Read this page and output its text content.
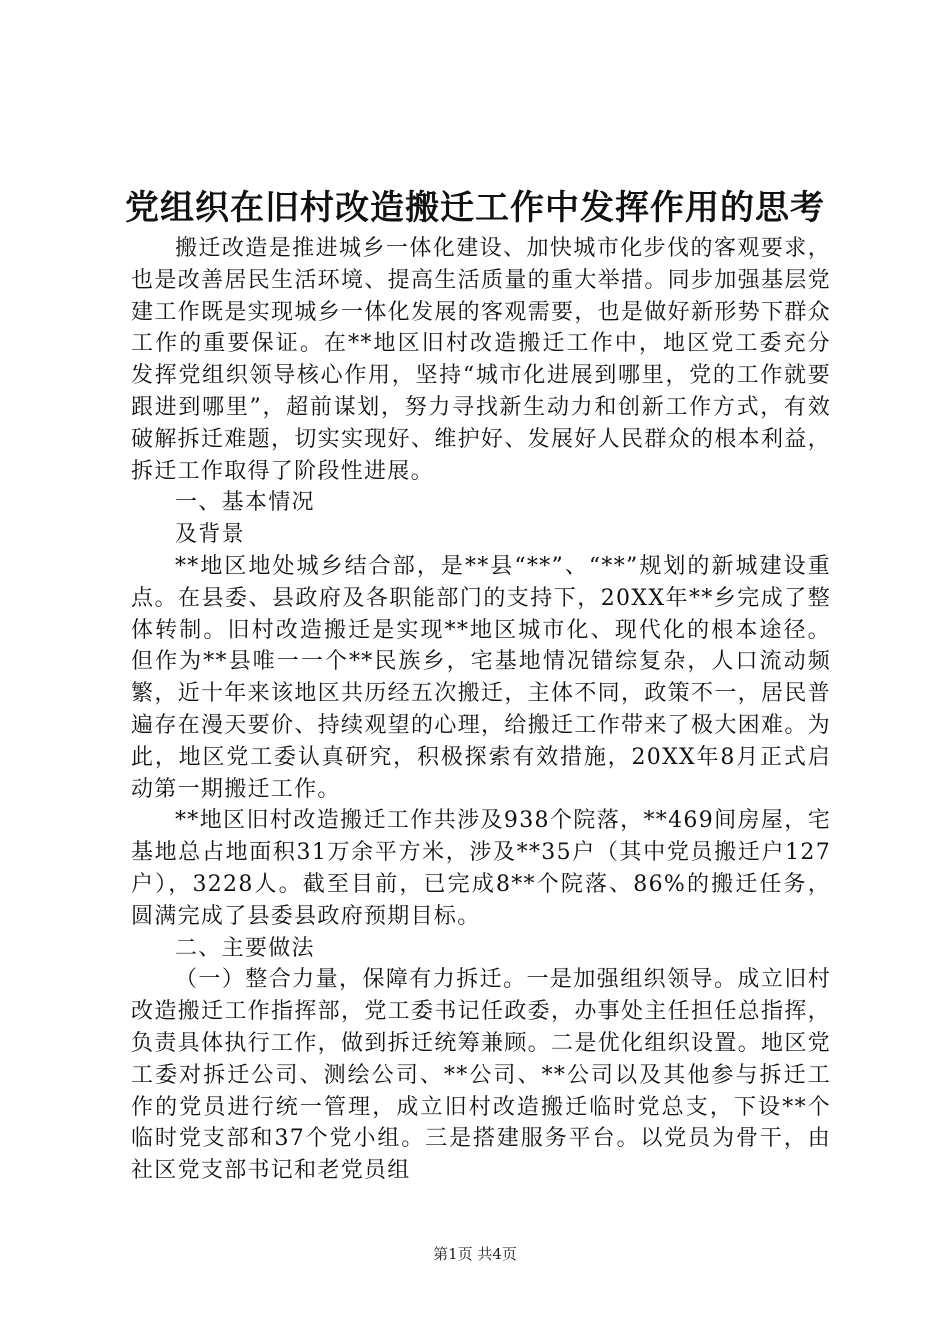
党组织在旧村改造搬迁工作中发挥作用的思考

搬迁改造是推进城乡一体化建设、加快城市化步伐的客观要求，也是改善居民生活环境、提高生活质量的重大举措。同步加强基层党建工作既是实现城乡一体化发展的客观需要，也是做好新形势下群众工作的重要保证。在**地区旧村改造搬迁工作中，地区党工委充分发挥党组织领导核心作用，坚持“城市化进展到哪里，党的工作就要跟进到哪里”，超前谋划，努力寻找新生动力和创新工作方式，有效破解拆迁难题，切实实现好、维护好、发展好人民群众的根本利益，拆迁工作取得了阶段性进展。

一、基本情况

及背景

**地区地处城乡结合部，是**县“**”、“**”规划的新城建设重点。在县委、县政府及各职能部门的支持下，20XX年**乡完成了整体转制。旧村改造搬迁是实现**地区城市化、现代化的根本途径。但作为**县唯一一个**民族乡，宅基地情况错综复杂，人口流动频繁，近十年来该地区共历经五次搬迁，主体不同，政策不一，居民普遍存在漫天要价、持续观望的心理，给搬迁工作带来了极大困难。为此，地区党工委认真研究，积极探索有效措施，20XX年8月正式启动第一期搬迁工作。

**地区旧村改造搬迁工作共涉及938个院落，**469间房屋，宅基地总占地面积31万余平方米，涉及**35户（其中党员搬迁户127户），3228人。截至目前，已完成8**个院落、86%的搬迁任务，圆满完成了县委县政府预期目标。

二、主要做法

（一）整合力量，保障有力拆迁。一是加强组织领导。成立旧村改造搬迁工作指挥部，党工委书记任政委，办事处主任担任总指挥，负责具体执行工作，做到拆迁统筹兼顾。二是优化组织设置。地区党工委对拆迁公司、测绘公司、**公司、**公司以及其他参与拆迁工作的党员进行统一管理，成立旧村改造搬迁临时党总支，下设**个临时党支部和37个党小组。三是搭建服务平台。以党员为骨干，由社区党支部书记和老党员组

第1页 共4页
